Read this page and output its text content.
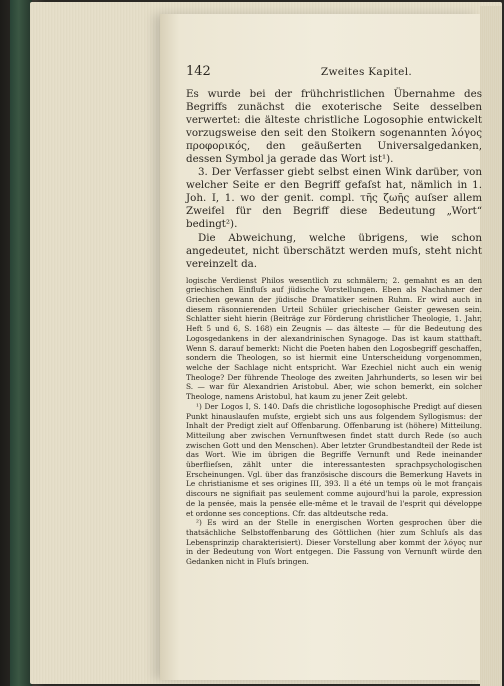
142	Zweites Kapitel.

Es wurde bei der frühchristlichen Übernahme des Begriffs zunächst die exoterische Seite desselben verwertet: die älteste christliche Logosophie entwickelt vorzugsweise den seit den Stoikern sogenannten λόγος προφορικός, den geäußerten Universalgedanken, dessen Symbol ja gerade das Wort ist¹).

3. Der Verfasser giebt selbst einen Wink darüber, von welcher Seite er den Begriff gefaſst hat, nämlich in 1. Joh. I, 1. wo der genit. compl. τῆς ζωῆς auſser allem Zweifel für den Begriff diese Bedeutung „Wort“ bedingt²).

Die Abweichung, welche übrigens, wie schon angedeutet, nicht überschätzt werden muſs, steht nicht vereinzelt da.

logische Verdienst Philos wesentlich zu schmälern; 2. gemahnt es an den griechischen Einfluſs auf jüdische Vorstellungen. Eben als Nachahmer der Griechen gewann der jüdische Dramatiker seinen Ruhm. Er wird auch in diesem räsonnierenden Urteil Schüler griechischer Geister gewesen sein. Schlatter sieht hierin (Beiträge zur Förderung christlicher Theologie, 1. Jahr, Heft 5 und 6, S. 168) ein Zeugnis — das älteste — für die Bedeutung des Logosgedankens in der alexandrinischen Synagoge. Das ist kaum statthaft. Wenn S. darauf bemerkt: Nicht die Poeten haben den Logosbegriff geschaffen, sondern die Theologen, so ist hiermit eine Unterscheidung vorgenommen, welche der Sachlage nicht entspricht. War Ezechiel nicht auch ein wenig Theologe? Der führende Theologe des zweiten Jahrhunderts, so lesen wir bei S. — war für Alexandrien Aristobul. Aber, wie schon bemerkt, ein solcher Theologe, namens Aristobul, hat kaum zu jener Zeit gelebt.

¹) Der Logos I, S. 140. Dafs die christliche logosophische Predigt auf diesen Punkt hinauslaufen muſste, ergiebt sich uns aus folgendem Syllogismus: der Inhalt der Predigt zielt auf Offenbarung. Offenbarung ist (höhere) Mitteilung. Mitteilung aber zwischen Vernunftwesen findet statt durch Rede (so auch zwischen Gott und den Menschen). Aber letzter Grundbestandteil der Rede ist das Wort. Wie im übrigen die Begriffe Vernunft und Rede ineinander überflieſsen, zählt unter die interessantesten sprachpsychologischen Erscheinungen. Vgl. über das französische discours die Bemerkung Havets in Le christianisme et ses origines III, 393. Il a été un temps où le mot français discours ne signifiait pas seulement comme aujourd'hui la parole, expression de la pensée, mais la pensée elle-même et le travail de l'esprit qui développe et ordonne ses conceptions. Cfr. das altdeutsche reda.

²) Es wird an der Stelle in energischen Worten gesprochen über die thatsächliche Selbstoffenbarung des Göttlichen (hier zum Schluſs als das Lebensprinzip charakterisiert). Dieser Vorstellung aber kommt der λόγος nur in der Bedeutung von Wort entgegen. Die Fassung von Vernunft würde den Gedanken nicht in Fluſs bringen.
